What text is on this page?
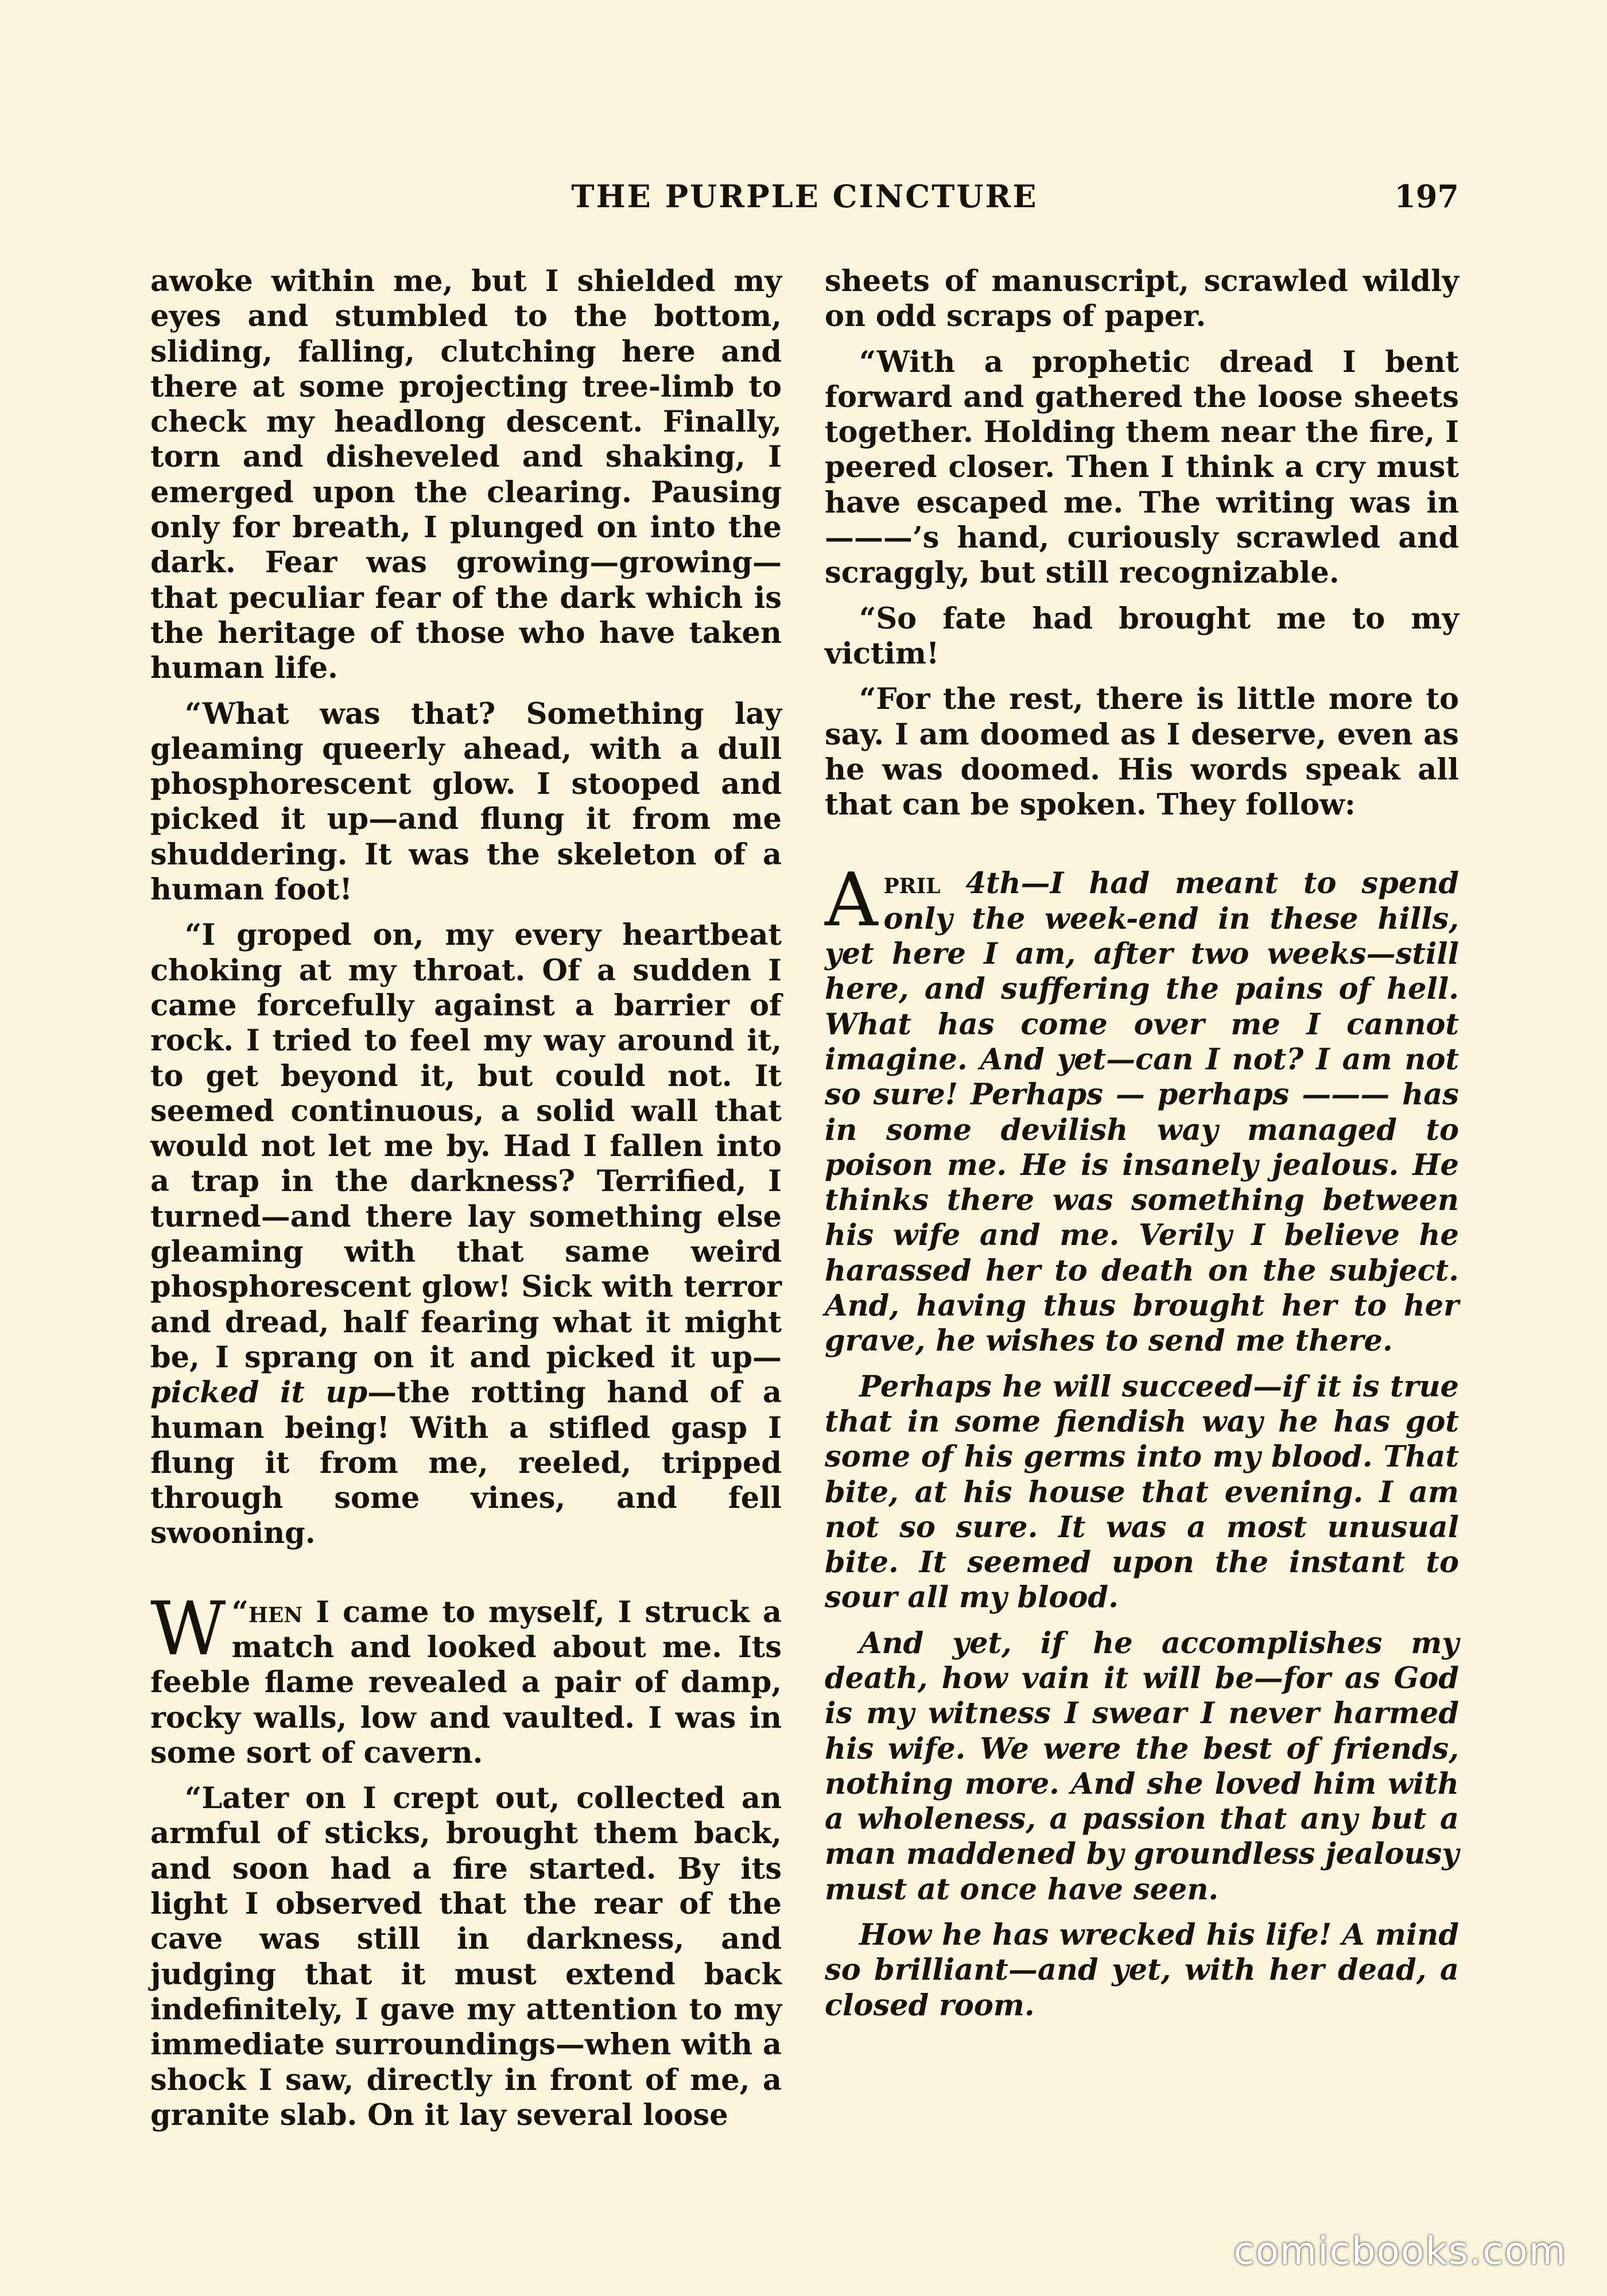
THE PURPLE CINCTURE	197

awoke within me, but I shielded my eyes and stumbled to the bottom, sliding, falling, clutching here and there at some projecting tree-limb to check my headlong descent. Finally, torn and disheveled and shaking, I emerged upon the clearing. Pausing only for breath, I plunged on into the dark. Fear was growing—growing—that peculiar fear of the dark which is the heritage of those who have taken human life.

“What was that? Something lay gleaming queerly ahead, with a dull phosphorescent glow. I stooped and picked it up—and flung it from me shuddering. It was the skeleton of a human foot!

“I groped on, my every heartbeat choking at my throat. Of a sudden I came forcefully against a barrier of rock. I tried to feel my way around it, to get beyond it, but could not. It seemed continuous, a solid wall that would not let me by. Had I fallen into a trap in the darkness? Terrified, I turned—and there lay something else gleaming with that same weird phosphorescent glow! Sick with terror and dread, half fearing what it might be, I sprang on it and picked it up—picked it up—the rotting hand of a human being! With a stifled gasp I flung it from me, reeled, tripped through some vines, and fell swooning.

“
W hen I came to myself, I struck a match and looked about me. Its feeble flame revealed a pair of damp, rocky walls, low and vaulted. I was in some sort of cavern.

“Later on I crept out, collected an armful of sticks, brought them back, and soon had a fire started. By its light I observed that the rear of the cave was still in darkness, and judging that it must extend back indefinitely, I gave my attention to my immediate surroundings—when with a shock I saw, directly in front of me, a granite slab. On it lay several loose

sheets of manuscript, scrawled wildly on odd scraps of paper.

“With a prophetic dread I bent forward and gathered the loose sheets together. Holding them near the fire, I peered closer. Then I think a cry must have escaped me. The writing was in ———’s hand, curiously scrawled and scraggly, but still recognizable.

“So fate had brought me to my victim!

“For the rest, there is little more to say. I am doomed as I deserve, even as he was doomed. His words speak all that can be spoken. They follow:

April 4th—I had meant to spend only the week-end in these hills, yet here I am, after two weeks—still here, and suffering the pains of hell. What has come over me I cannot imagine. And yet—can I not? I am not so sure! Perhaps — perhaps ——— has in some devilish way managed to poison me. He is insanely jealous. He thinks there was something between his wife and me. Verily I believe he harassed her to death on the subject. And, having thus brought her to her grave, he wishes to send me there.

Perhaps he will succeed—if it is true that in some fiendish way he has got some of his germs into my blood. That bite, at his house that evening. I am not so sure. It was a most unusual bite. It seemed upon the instant to sour all my blood.

And yet, if he accomplishes my death, how vain it will be—for as God is my witness I swear I never harmed his wife. We were the best of friends, nothing more. And she loved him with a wholeness, a passion that any but a man maddened by groundless jealousy must at once have seen.

How he has wrecked his life! A mind so brilliant—and yet, with her dead, a closed room.

comicbooks.com
